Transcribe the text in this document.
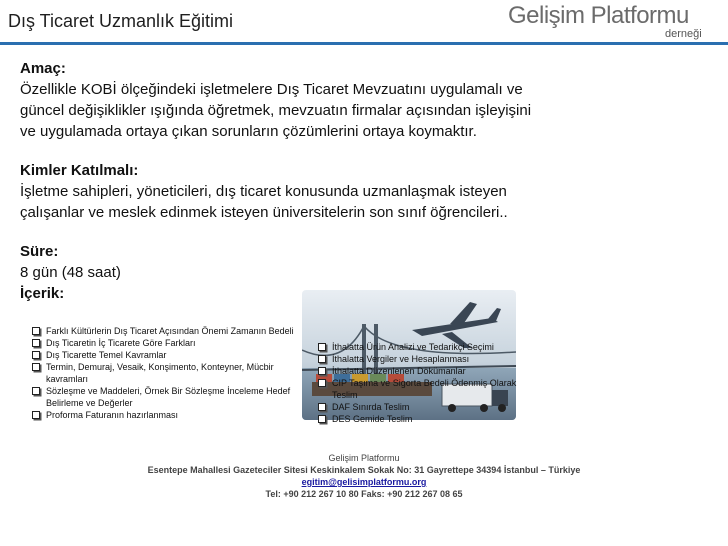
Dış Ticaret Uzmanlık Eğitimi	Gelişim Platformu
derneği

Amaç:

Özellikle KOBİ ölçeğindeki işletmelere Dış Ticaret Mevzuatını uygulamalı ve

güncel değişiklikler ışığında öğretmek, mevzuatın firmalar açısından işleyişini

ve uygulamada ortaya çıkan sorunların çözümlerini ortaya koymaktır.

Kimler Katılmalı:

İşletme sahipleri, yöneticileri, dış ticaret konusunda uzmanlaşmak isteyen

çalışanlar ve meslek edinmek isteyen üniversitelerin son sınıf öğrencileri..

Süre:

8 gün (48 saat)

İçerik:

Farklı Kültürlerin Dış Ticaret Açısından Önemi Zamanın Bedeli
Dış Ticaretin İç Ticarete Göre Farkları
Dış Ticarette Temel Kavramlar
Termin, Demuraj, Vesaik, Konşimento, Konteyner, Mücbir kavramları
Sözleşme ve Maddeleri, Örnek Bir Sözleşme İnceleme Hedef Belirleme ve Değerler
Proforma Faturanın hazırlanması
İthalatta Ürün Analizi ve Tedarikçi Seçimi
İthalatta Vergiler ve Hesaplanması
İthalatta Düzenlenen Dökümanlar
CIP Taşıma ve Sigorta Bedeli Ödenmiş Olarak Teslim
DAF Sınırda Teslim
DES Gemide Teslim
Gelişim Platformu
Esentepe Mahallesi Gazeteciler Sitesi Keskinkalem Sokak No: 31 Gayrettepe 34394 İstanbul – Türkiye
egitim@gelisimplatformu.org
Tel: +90 212 267 10 80 Faks: +90 212 267 08 65
